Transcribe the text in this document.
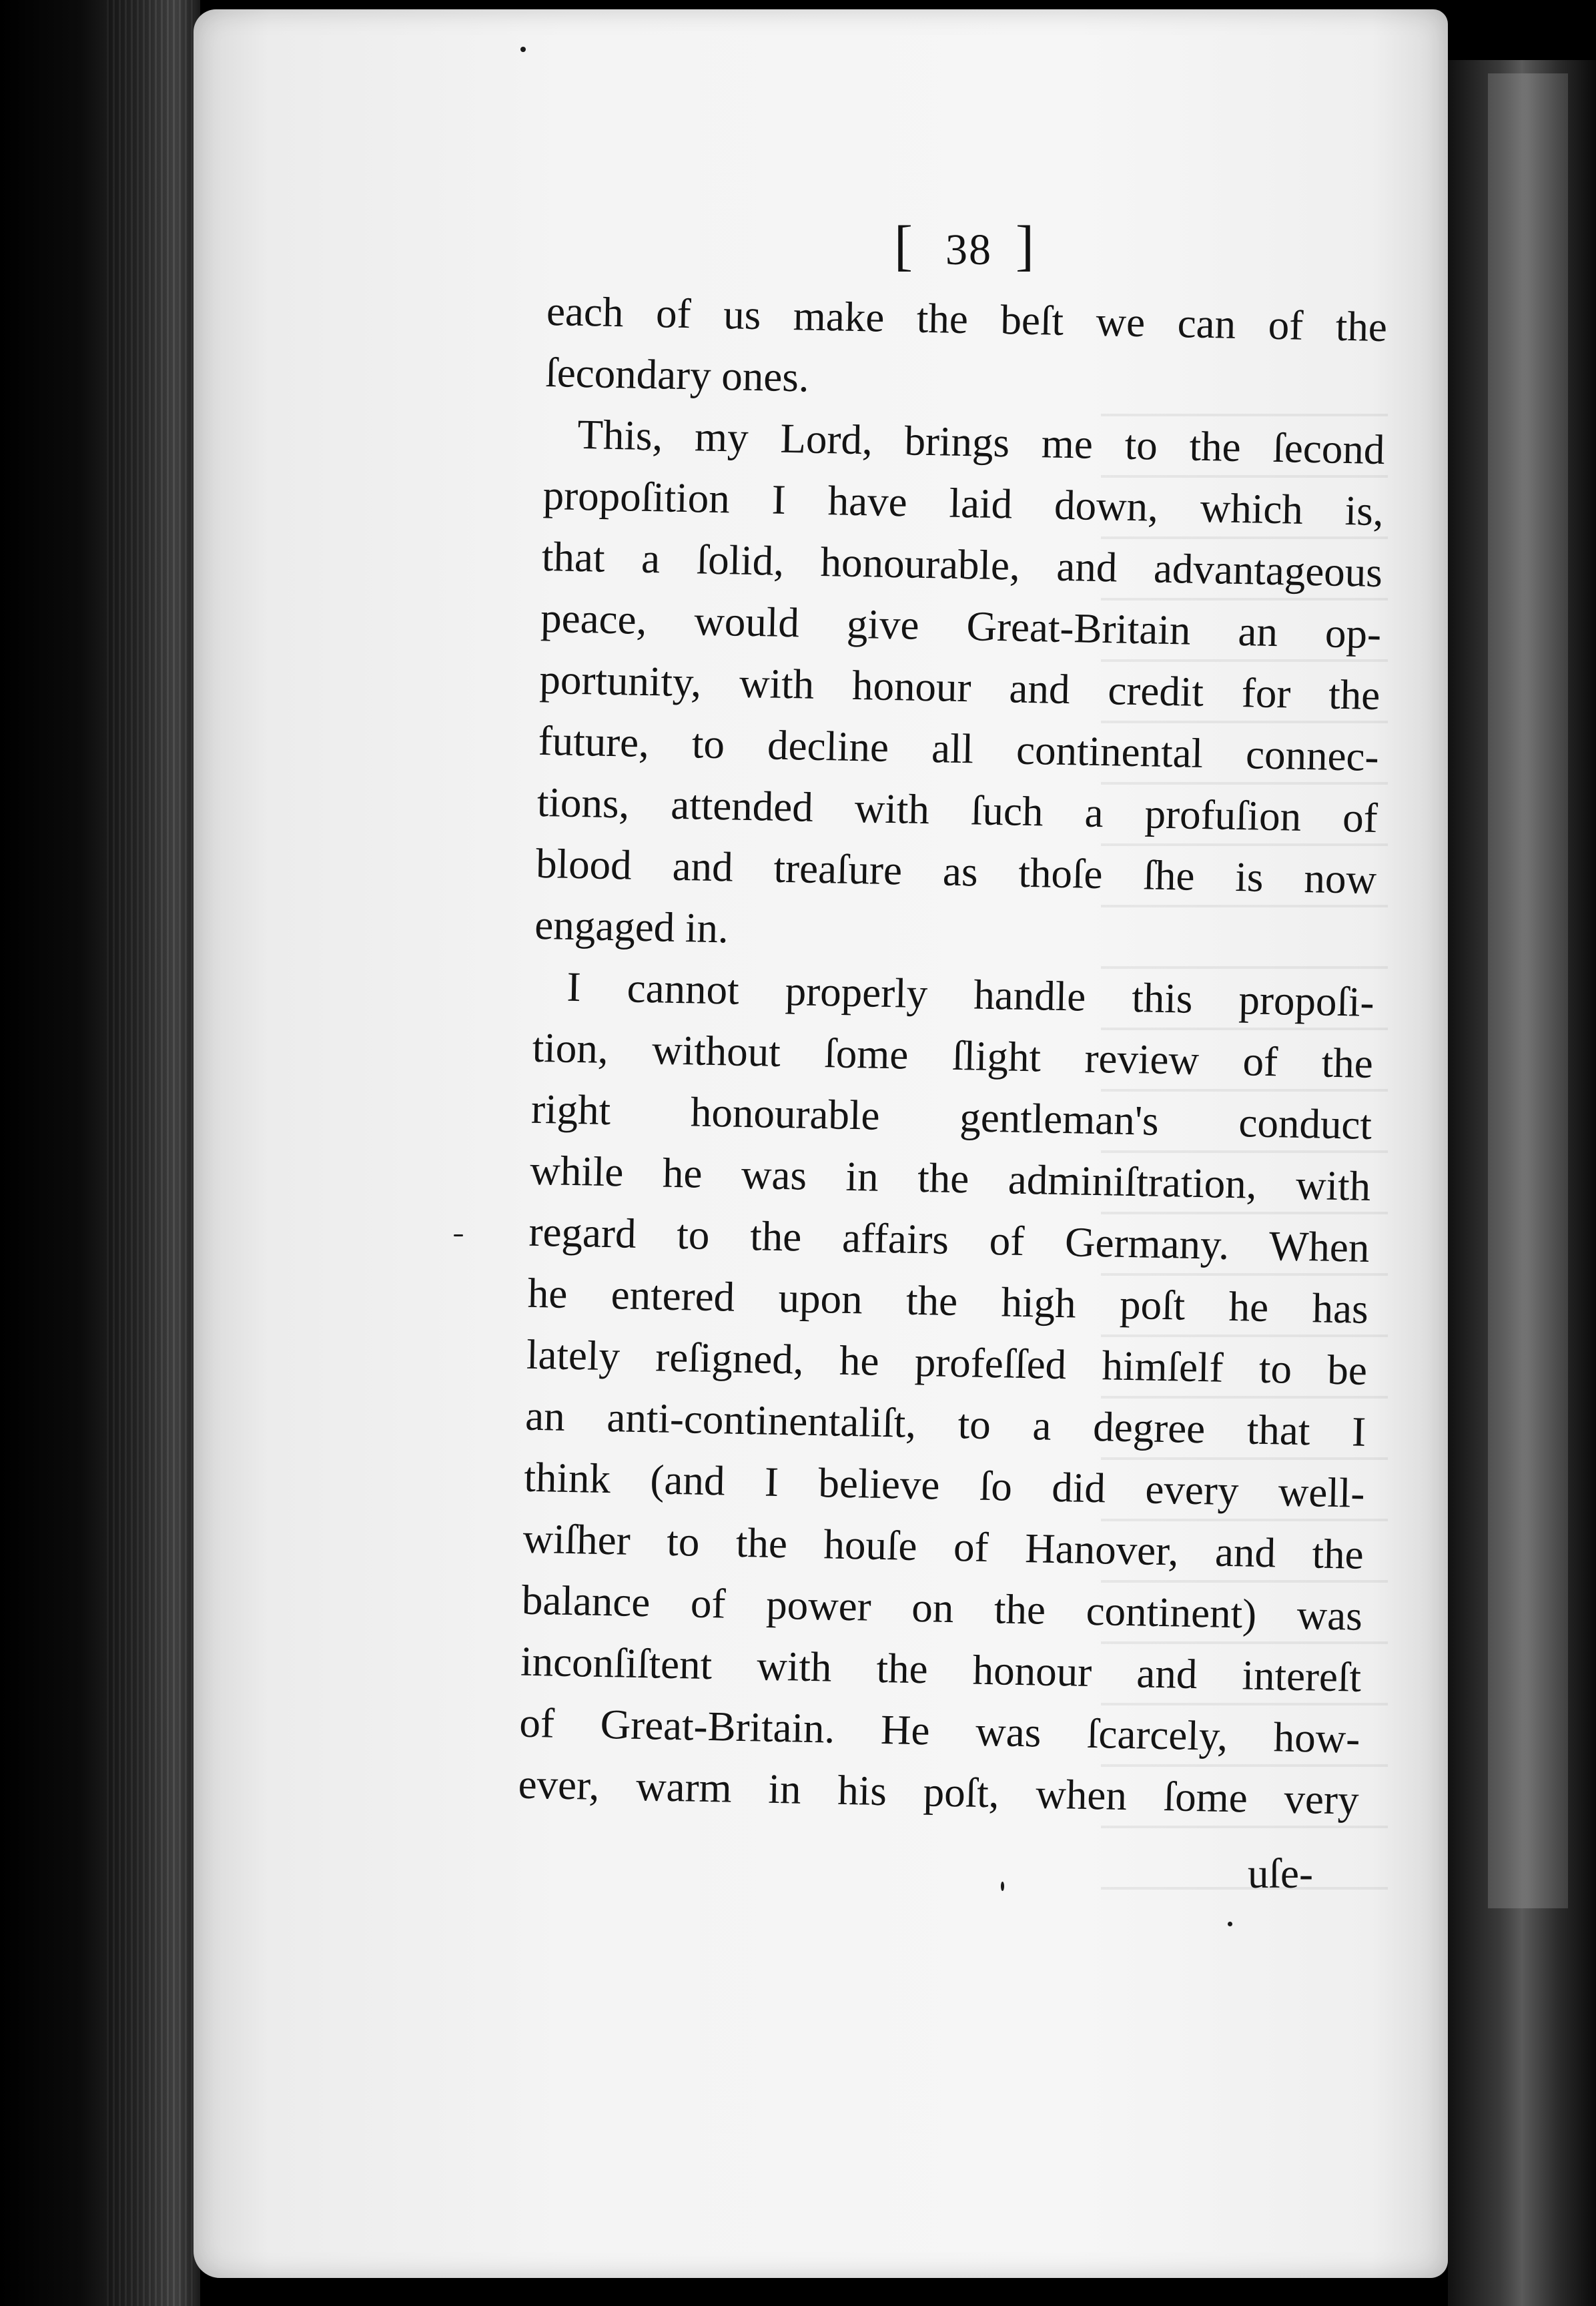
[ 38 ]

each of us make the beſt we can of the

ſecondary ones.

This, my Lord, brings me to the ſecond

propoſition I have laid down, which is,

that a ſolid, honourable, and advantageous

peace, would give Great-Britain an op-

portunity, with honour and credit for the

future, to decline all continental connec-

tions, attended with ſuch a profuſion of

blood and treaſure as thoſe ſhe is now

engaged in.

I cannot properly handle this propoſi-

tion, without ſome ſlight review of the

right honourable gentleman's conduct

while he was in the adminiſtration, with

regard to the affairs of Germany. When

he entered upon the high poſt he has

lately reſigned, he profeſſed himſelf to be

an anti-continentaliſt, to a degree that I

think (and I believe ſo did every well-

wiſher to the houſe of Hanover, and the

balance of power on the continent) was

inconſiſtent with the honour and intereſt

of Great-Britain. He was ſcarcely, how-

ever, warm in his poſt, when ſome very

uſe-
